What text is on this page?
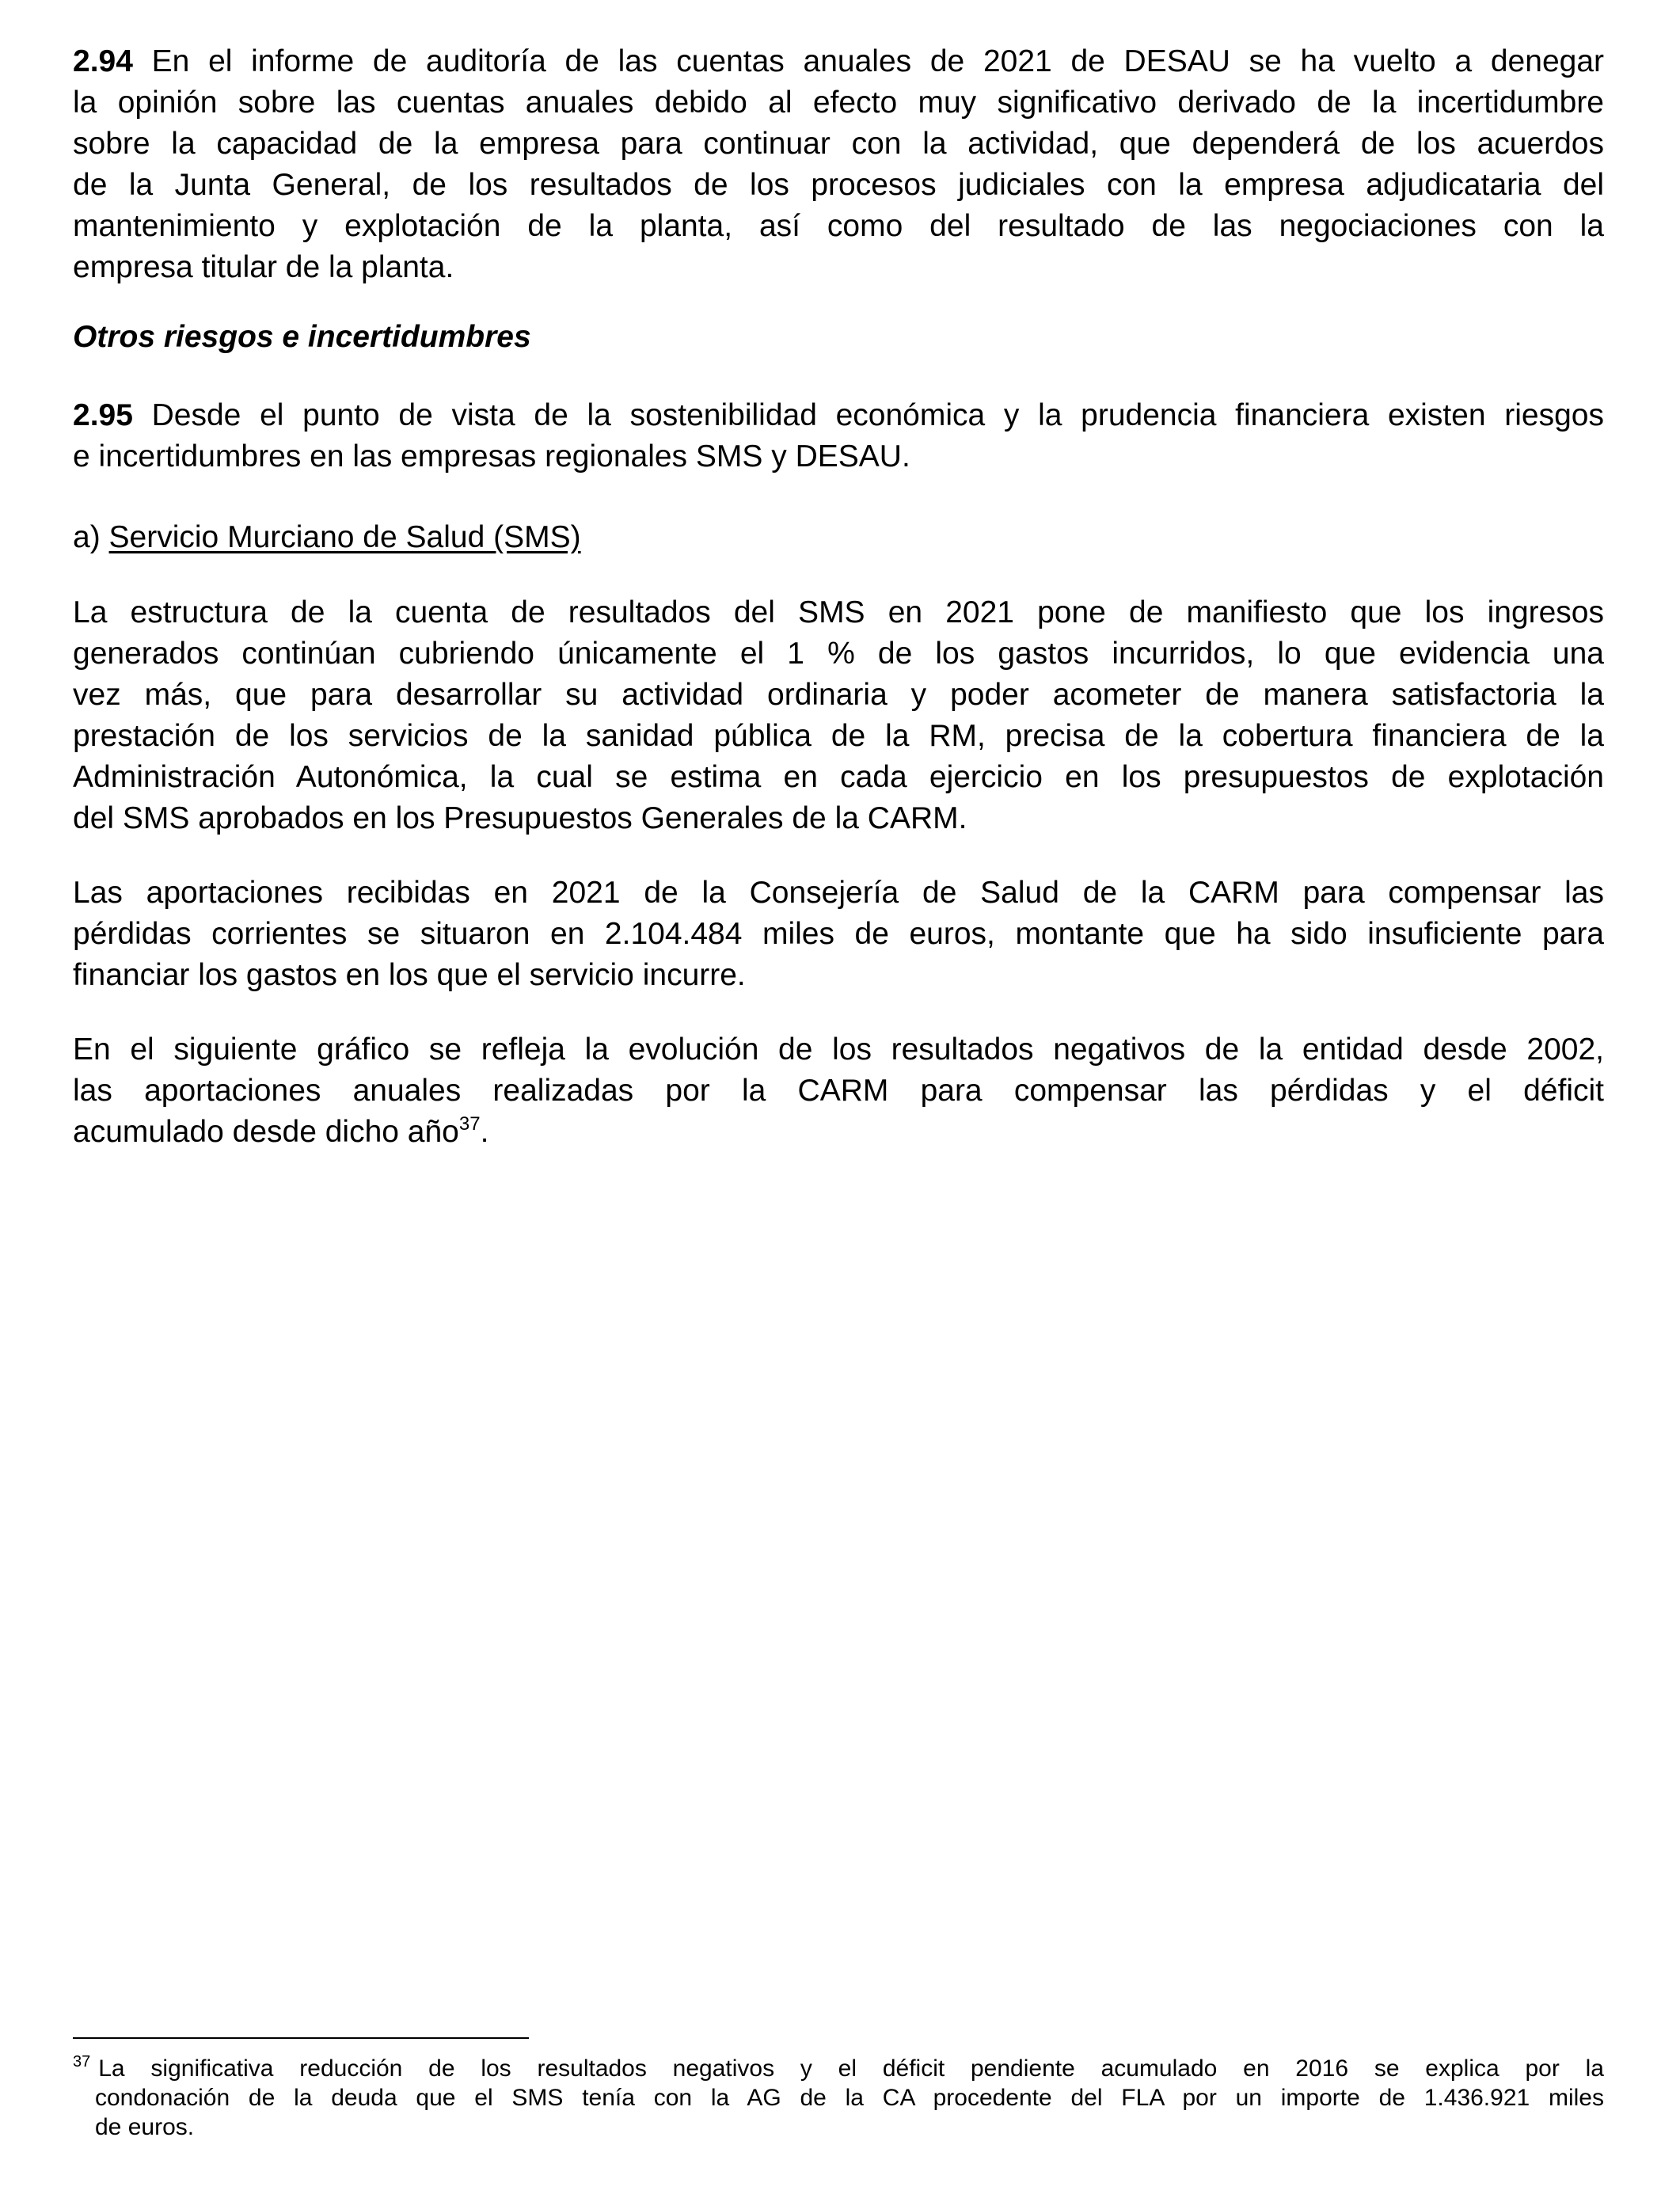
2.94 En el informe de auditoría de las cuentas anuales de 2021 de DESAU se ha vuelto a denegar
la opinión sobre las cuentas anuales debido al efecto muy significativo derivado de la incertidumbre
sobre la capacidad de la empresa para continuar con la actividad, que dependerá de los acuerdos
de la Junta General, de los resultados de los procesos judiciales con la empresa adjudicataria del
mantenimiento y explotación de la planta, así como del resultado de las negociaciones con la
empresa titular de la planta.
Otros riesgos e incertidumbres
2.95 Desde el punto de vista de la sostenibilidad económica y la prudencia financiera existen riesgos
e incertidumbres en las empresas regionales SMS y DESAU.
a) Servicio Murciano de Salud (SMS)
La estructura de la cuenta de resultados del SMS en 2021 pone de manifiesto que los ingresos
generados continúan cubriendo únicamente el 1 % de los gastos incurridos, lo que evidencia una
vez más, que para desarrollar su actividad ordinaria y poder acometer de manera satisfactoria la
prestación de los servicios de la sanidad pública de la RM, precisa de la cobertura financiera de la
Administración Autonómica, la cual se estima en cada ejercicio en los presupuestos de explotación
del SMS aprobados en los Presupuestos Generales de la CARM.
Las aportaciones recibidas en 2021 de la Consejería de Salud de la CARM para compensar las
pérdidas corrientes se situaron en 2.104.484 miles de euros, montante que ha sido insuficiente para
financiar los gastos en los que el servicio incurre.
En el siguiente gráfico se refleja la evolución de los resultados negativos de la entidad desde 2002,
las aportaciones anuales realizadas por la CARM para compensar las pérdidas y el déficit
acumulado desde dicho año$^{37}$.
$^{37}$ La significativa reducción de los resultados negativos y el déficit pendiente acumulado en 2016 se explica por la
condonación de la deuda que el SMS tenía con la AG de la CA procedente del FLA por un importe de 1.436.921 miles
de euros.
